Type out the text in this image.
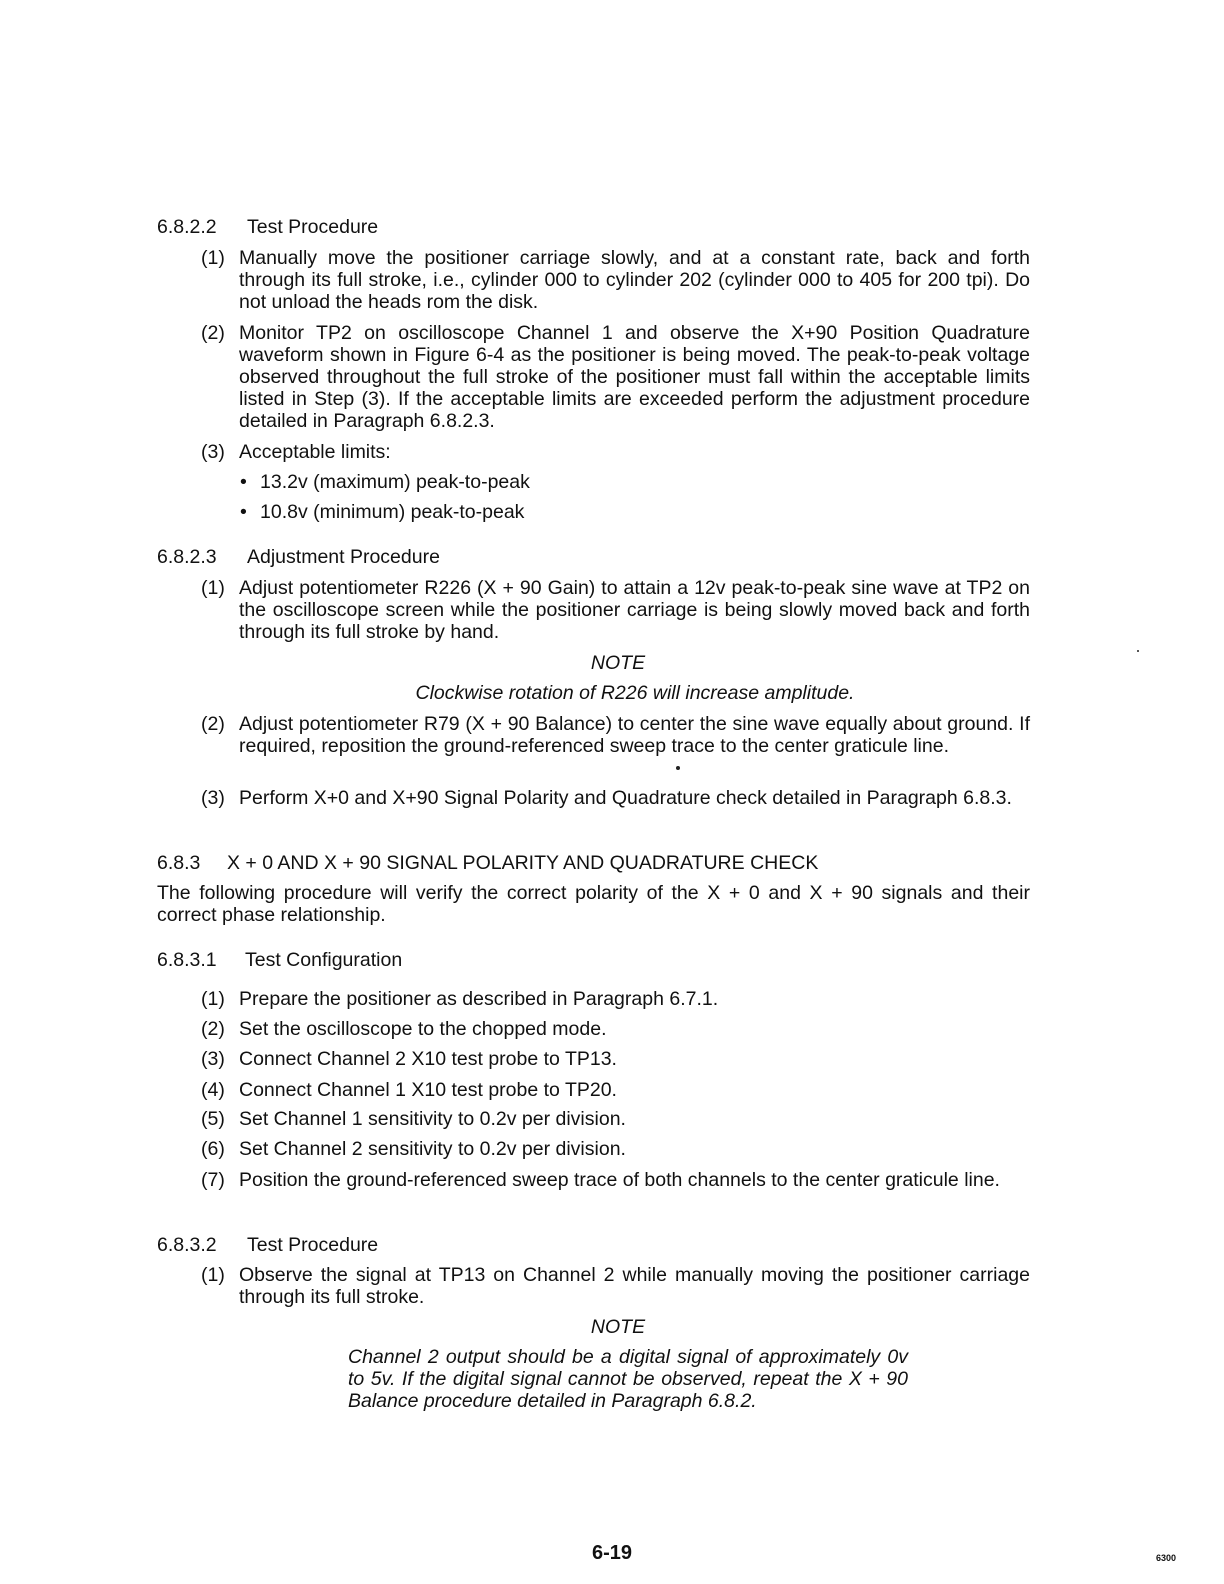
6.8.2.2 Test Procedure
(1) Manually move the positioner carriage slowly, and at a constant rate, back and forth through its full stroke, i.e., cylinder 000 to cylinder 202 (cylinder 000 to 405 for 200 tpi). Do not unload the heads rom the disk.
(2) Monitor TP2 on oscilloscope Channel 1 and observe the X+90 Position Quadrature waveform shown in Figure 6-4 as the positioner is being moved. The peak-to-peak voltage observed throughout the full stroke of the positioner must fall within the acceptable limits listed in Step (3). If the acceptable limits are exceeded perform the adjustment procedure detailed in Paragraph 6.8.2.3.
(3) Acceptable limits:
• 13.2v (maximum) peak-to-peak
• 10.8v (minimum) peak-to-peak
6.8.2.3 Adjustment Procedure
(1) Adjust potentiometer R226 (X + 90 Gain) to attain a 12v peak-to-peak sine wave at TP2 on the oscilloscope screen while the positioner carriage is being slowly moved back and forth through its full stroke by hand.
NOTE
Clockwise rotation of R226 will increase amplitude.
(2) Adjust potentiometer R79 (X + 90 Balance) to center the sine wave equally about ground. If required, reposition the ground-referenced sweep trace to the center graticule line.
(3) Perform X+0 and X+90 Signal Polarity and Quadrature check detailed in Paragraph 6.8.3.
6.8.3 X + 0 AND X + 90 SIGNAL POLARITY AND QUADRATURE CHECK
The following procedure will verify the correct polarity of the X + 0 and X + 90 signals and their correct phase relationship.
6.8.3.1 Test Configuration
(1) Prepare the positioner as described in Paragraph 6.7.1.
(2) Set the oscilloscope to the chopped mode.
(3) Connect Channel 2 X10 test probe to TP13.
(4) Connect Channel 1 X10 test probe to TP20.
(5) Set Channel 1 sensitivity to 0.2v per division.
(6) Set Channel 2 sensitivity to 0.2v per division.
(7) Position the ground-referenced sweep trace of both channels to the center graticule line.
6.8.3.2 Test Procedure
(1) Observe the signal at TP13 on Channel 2 while manually moving the positioner carriage through its full stroke.
NOTE
Channel 2 output should be a digital signal of approximately 0v to 5v. If the digital signal cannot be observed, repeat the X + 90 Balance procedure detailed in Paragraph 6.8.2.
6-19	6300
